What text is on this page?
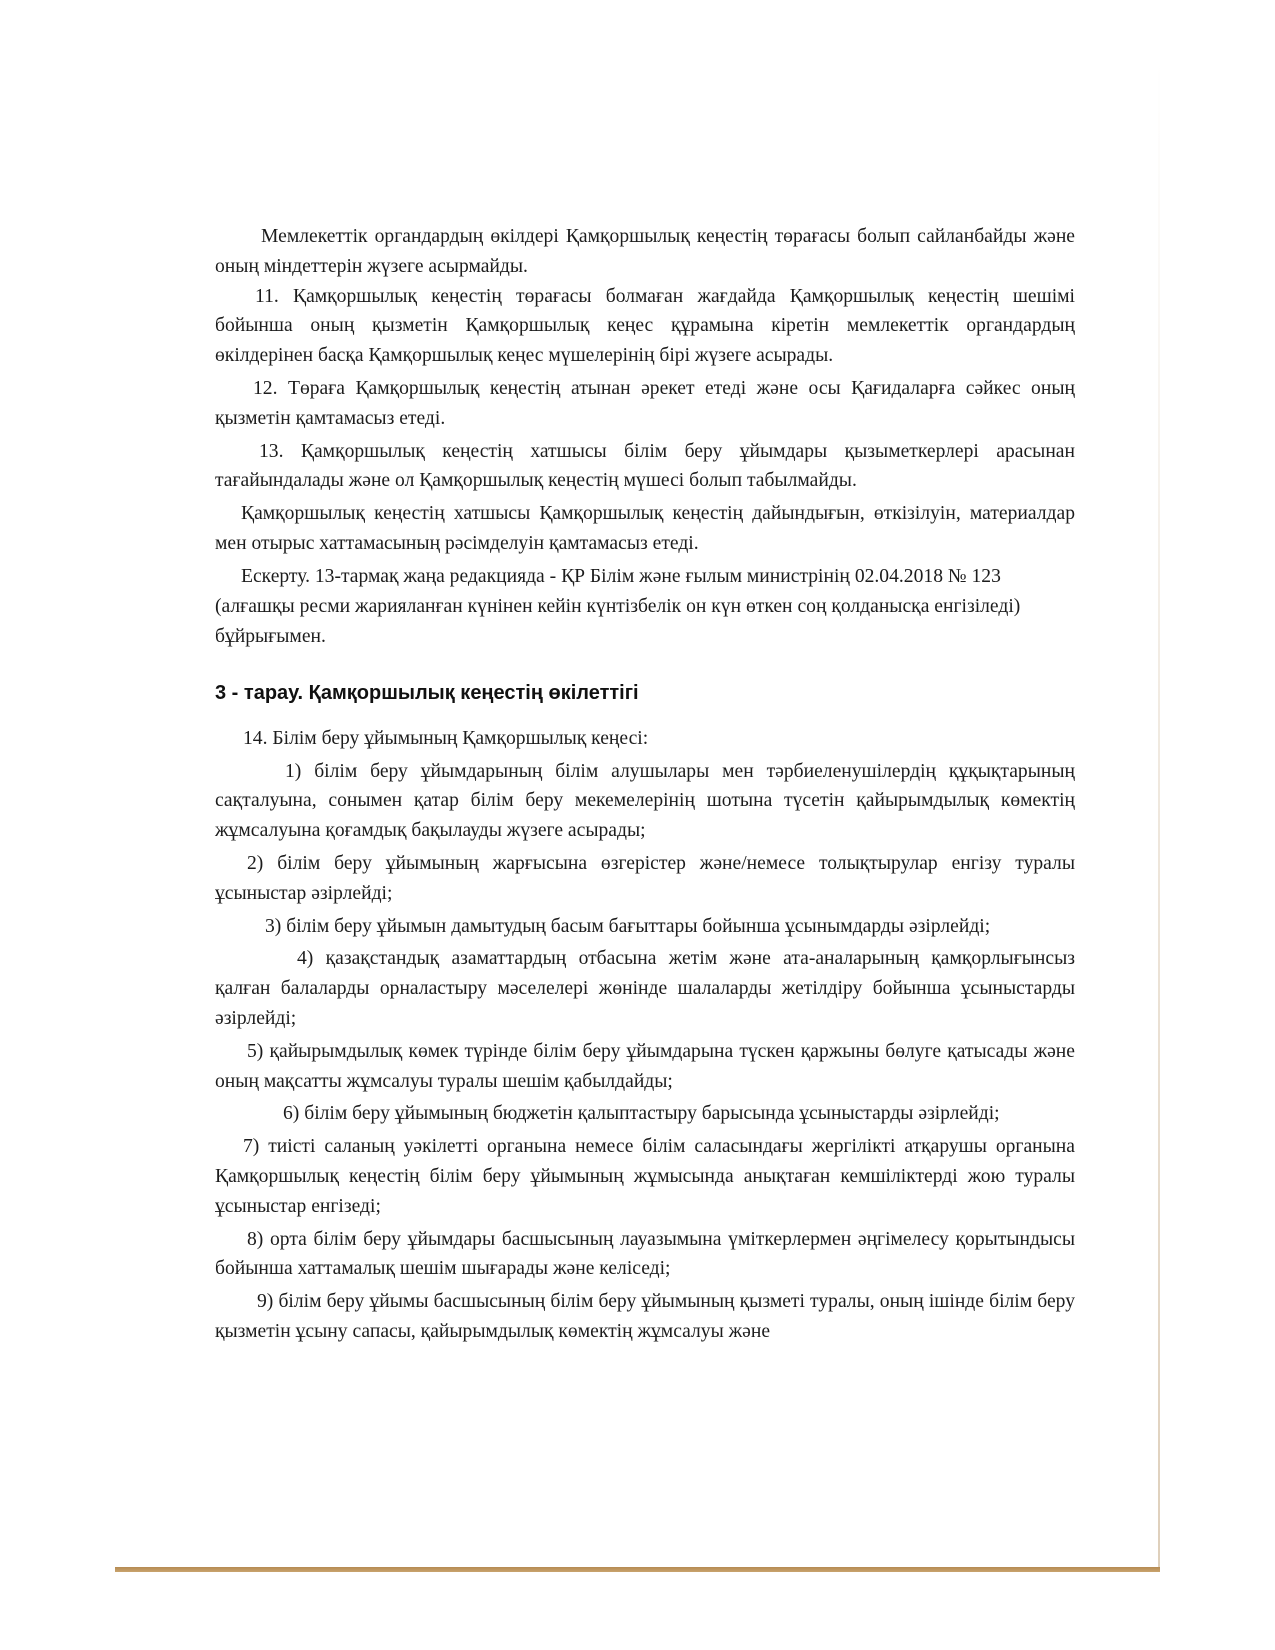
Мемлекеттік органдардың өкілдері Қамқоршылық кеңестің төрағасы болып сайланбайды және оның міндеттерін жүзеге асырмайды.

11. Қамқоршылық кеңестің төрағасы болмаған жағдайда Қамқоршылық кеңестің шешімі бойынша оның қызметін Қамқоршылық кеңес құрамына кіретін мемлекеттік органдардың өкілдерінен басқа Қамқоршылық кеңес мүшелерінің бірі жүзеге асырады.

12. Төраға Қамқоршылық кеңестің атынан әрекет етеді және осы Қағидаларға сәйкес оның қызметін қамтамасыз етеді.

13. Қамқоршылық кеңестің хатшысы білім беру ұйымдары қызыметкерлері арасынан тағайындалады және ол Қамқоршылық кеңестің мүшесі болып табылмайды.

Қамқоршылық кеңестің хатшысы Қамқоршылық кеңестің дайындығын, өткізілуін, материалдар мен отырыс хаттамасының рәсімделуін қамтамасыз етеді.

Ескерту. 13-тармақ жаңа редакцияда - ҚР Білім және ғылым министрінің 02.04.2018 № 123 (алғашқы ресми жарияланған күнінен кейін күнтізбелік он күн өткен соң қолданысқа енгізіледі) бұйрығымен.

3 - тарау. Қамқоршылық кеңестің өкілеттігі

14. Білім беру ұйымының Қамқоршылық кеңесі:

1) білім беру ұйымдарының білім алушылары мен тәрбиеленушілердің құқықтарының сақталуына, сонымен қатар білім беру мекемелерінің шотына түсетін қайырымдылық көмектің жұмсалуына қоғамдық бақылауды жүзеге асырады;

2) білім беру ұйымының жарғысына өзгерістер және/немесе толықтырулар енгізу туралы ұсыныстар әзірлейді;

3) білім беру ұйымын дамытудың басым бағыттары бойынша ұсынымдарды әзірлейді;

4) қазақстандық азаматтардың отбасына жетім және ата-аналарының қамқорлығынсыз қалған балаларды орналастыру мәселелері жөнінде шалаларды жетілдіру бойынша ұсыныстарды әзірлейді;

5) қайырымдылық көмек түрінде білім беру ұйымдарына түскен қаржыны бөлуге қатысады және оның мақсатты жұмсалуы туралы шешім қабылдайды;

6) білім беру ұйымының бюджетін қалыптастыру барысында ұсыныстарды әзірлейді;

7) тиісті саланың уәкілетті органына немесе білім саласындағы жергілікті атқарушы органына Қамқоршылық кеңестің білім беру ұйымының жұмысында анықтаған кемшіліктерді жою туралы ұсыныстар енгізеді;

8) орта білім беру ұйымдары басшысының лауазымына үміткерлермен әңгімелесу қорытындысы бойынша хаттамалық шешім шығарады және келіседі;

9) білім беру ұйымы басшысының білім беру ұйымының қызметі туралы, оның ішінде білім беру қызметін ұсыну сапасы, қайырымдылық көмектің жұмсалуы және
